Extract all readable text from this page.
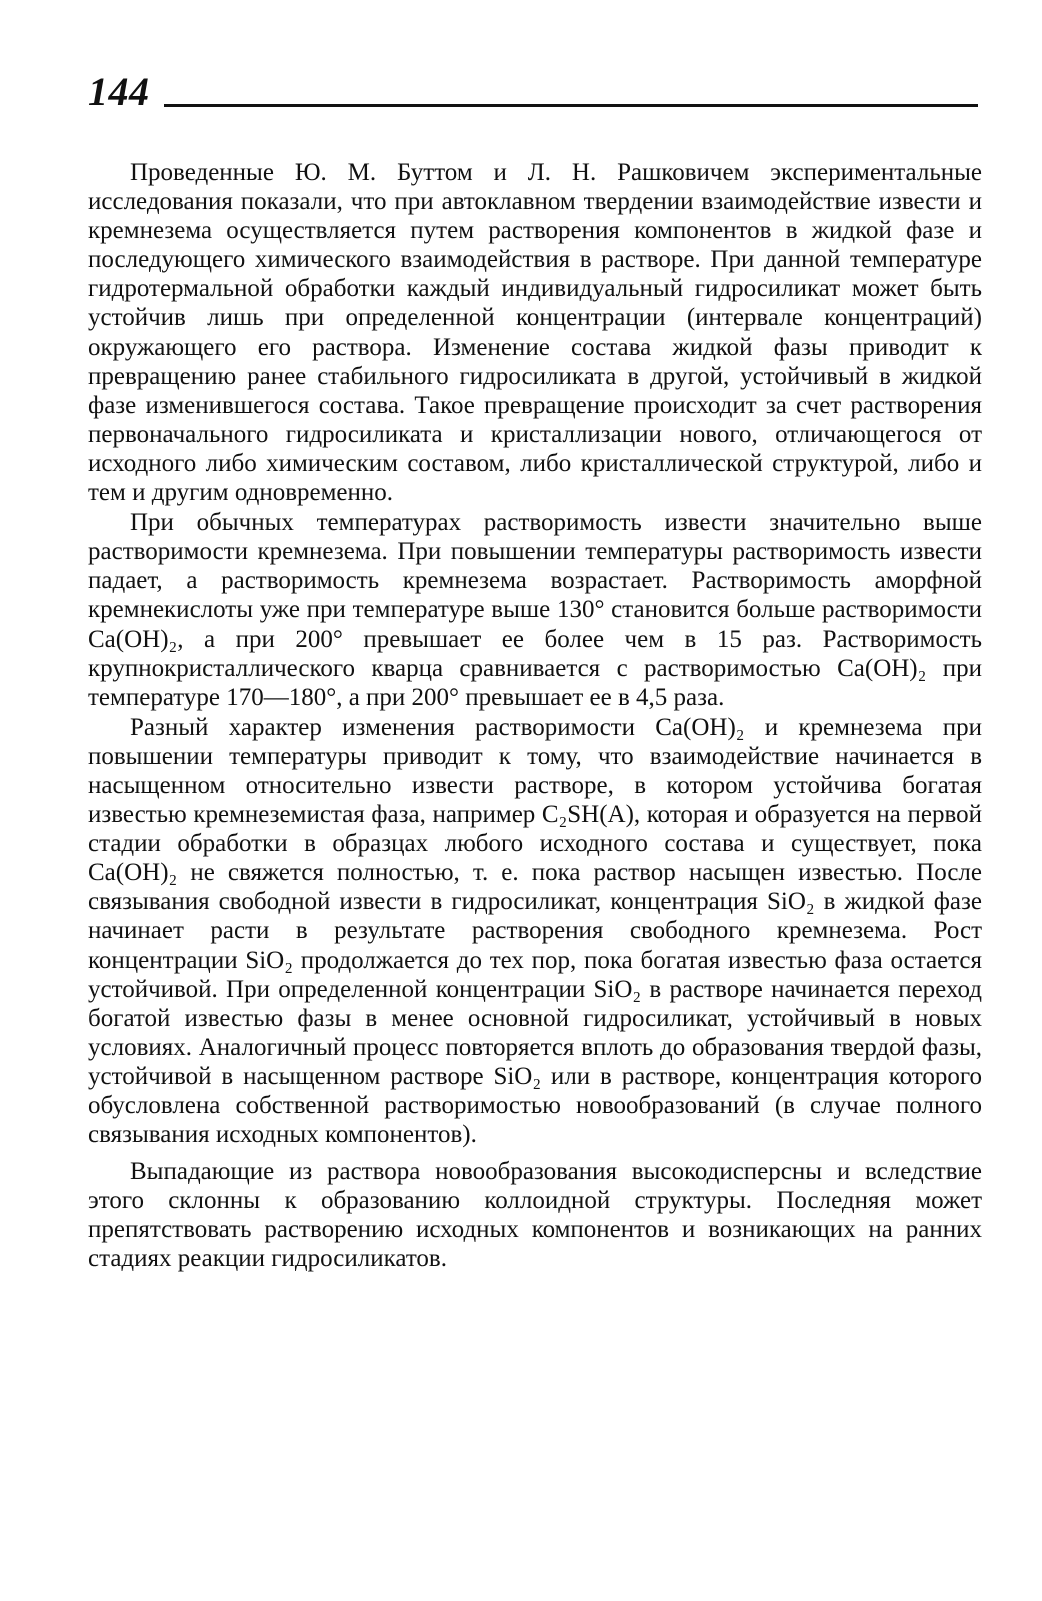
144

Проведенные Ю. М. Буттом и Л. Н. Рашковичем экспериментальные исследования показали, что при автоклавном твердении взаимодействие извести и кремнезема осуществляется путем растворения компонентов в жидкой фазе и последующего химического взаимодействия в растворе. При данной температуре гидротермальной обработки каждый индивидуальный гидросиликат может быть устойчив лишь при определенной концентрации (интервале концентраций) окружающего его раствора. Изменение состава жидкой фазы приводит к превращению ранее стабильного гидросиликата в другой, устойчивый в жидкой фазе изменившегося состава. Такое превращение происходит за счет растворения первоначального гидросиликата и кристаллизации нового, отличающегося от исходного либо химическим составом, либо кристаллической структурой, либо и тем и другим одновременно.

При обычных температурах растворимость извести значительно выше растворимости кремнезема. При повышении температуры растворимость извести падает, а растворимость кремнезема возрастает. Растворимость аморфной кремнекислоты уже при температуре выше 130° становится больше растворимости Ca(OH)₂, а при 200° превышает ее более чем в 15 раз. Растворимость крупнокристаллического кварца сравнивается с растворимостью Ca(OH)₂ при температуре 170—180°, а при 200° превышает ее в 4,5 раза.

Разный характер изменения растворимости Ca(OH)₂ и кремнезема при повышении температуры приводит к тому, что взаимодействие начинается в насыщенном относительно извести растворе, в котором устойчива богатая известью кремнеземистая фаза, например C₂SH(A), которая и образуется на первой стадии обработки в образцах любого исходного состава и существует, пока Ca(OH)₂ не свяжется полностью, т. е. пока раствор насыщен известью. После связывания свободной извести в гидросиликат, концентрация SiO₂ в жидкой фазе начинает расти в результате растворения свободного кремнезема. Рост концентрации SiO₂ продолжается до тех пор, пока богатая известью фаза остается устойчивой. При определенной концентрации SiO₂ в растворе начинается переход богатой известью фазы в менее основной гидросиликат, устойчивый в новых условиях. Аналогичный процесс повторяется вплоть до образования твердой фазы, устойчивой в насыщенном растворе SiO₂ или в растворе, концентрация которого обусловлена собственной растворимостью новообразований (в случае полного связывания исходных компонентов).

Выпадающие из раствора новообразования высокодисперсны и вследствие этого склонны к образованию коллоидной структуры. Последняя может препятствовать растворению исходных компонентов и возникающих на ранних стадиях реакции гидросиликатов.
